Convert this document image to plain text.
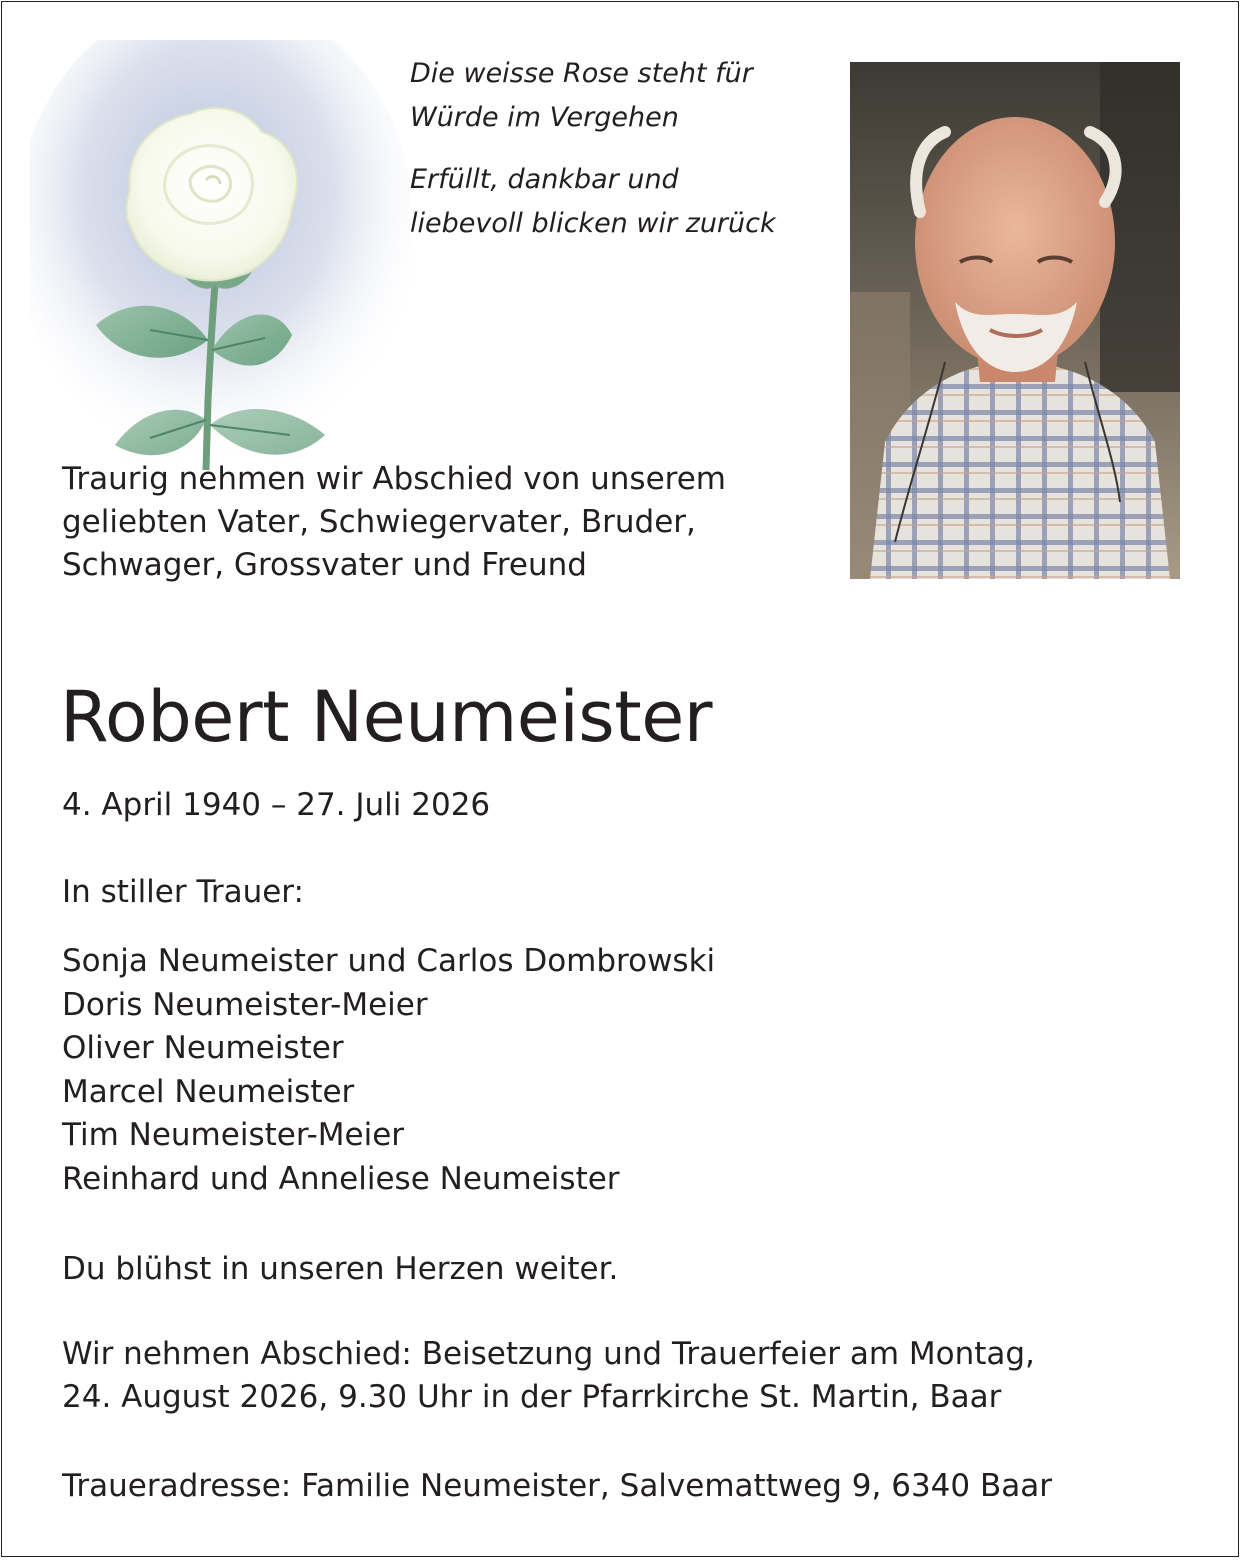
Die weisse Rose steht für
Würde im Vergehen
Erfüllt, dankbar und
liebevoll blicken wir zurück
Traurig nehmen wir Abschied von unserem
geliebten Vater, Schwiegervater, Bruder,
Schwager, Grossvater und Freund
Robert Neumeister
4. April 1940 – 27. Juli 2026
In stiller Trauer:
Sonja Neumeister und Carlos Dombrowski
Doris Neumeister-Meier
Oliver Neumeister
Marcel Neumeister
Tim Neumeister-Meier
Reinhard und Anneliese Neumeister
Du blühst in unseren Herzen weiter.
Wir nehmen Abschied: Beisetzung und Trauerfeier am Montag,
24. August 2026, 9.30 Uhr in der Pfarrkirche St. Martin, Baar
Traueradresse: Familie Neumeister, Salvemattweg 9, 6340 Baar
